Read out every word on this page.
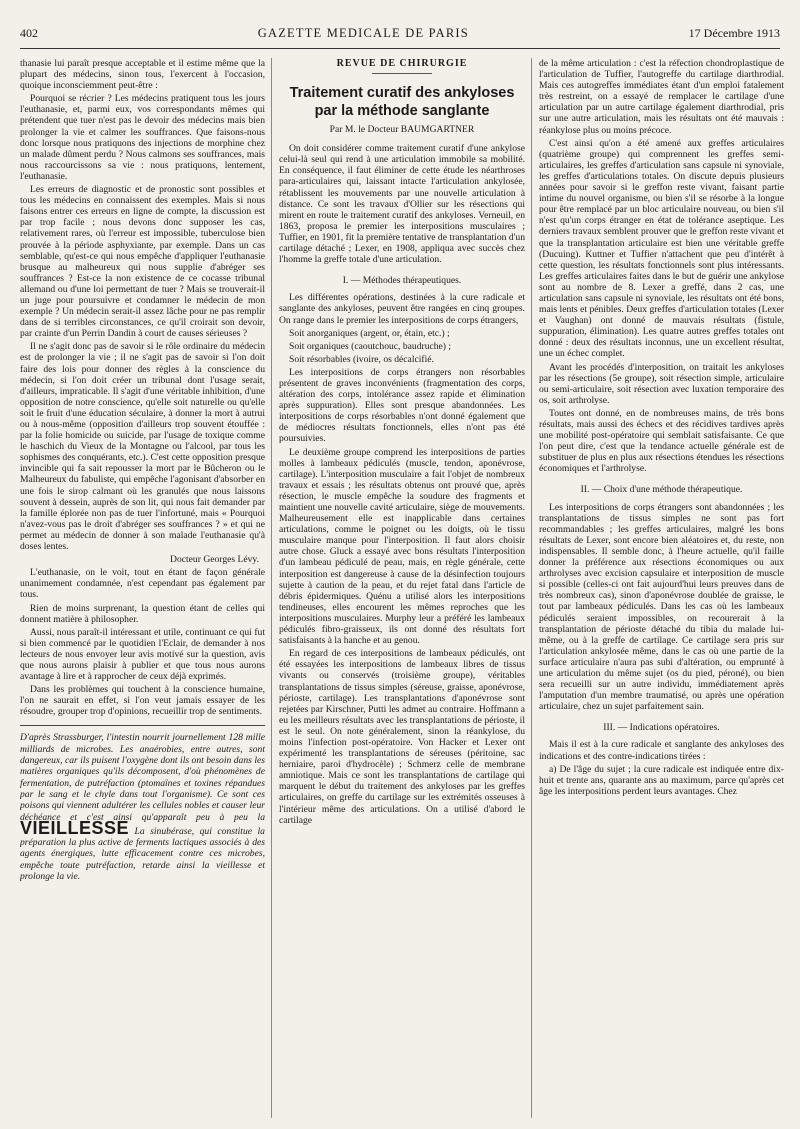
402	GAZETTE MEDICALE DE PARIS	17 Décembre 1913

thanasie lui paraît presque acceptable et il estime même que la plupart des médecins, sinon tous, l'exercent à l'occasion, quoique inconsciemment peut-être :

Pourquoi se récrier ? Les médecins pratiquent tous les jours l'euthanasie, et, parmi eux, vos correspondants mêmes qui prétendent que tuer n'est pas le devoir des médecins mais bien prolonger la vie et calmer les souffrances. Que faisons-nous donc lorsque nous pratiquons des injections de morphine chez un malade dûment perdu ? Nous calmons ses souffrances, mais nous raccourcissons sa vie : nous pratiquons, lentement, l'euthanasie.

Les erreurs de diagnostic et de pronostic sont possibles et tous les médecins en connaissent des exemples. Mais si nous faisons entrer ces erreurs en ligne de compte, la discussion est par trop facile ; nous devons donc supposer les cas, relativement rares, où l'erreur est impossible, tuberculose bien prouvée à la période asphyxiante, par exemple. Dans un cas semblable, qu'est-ce qui nous empêche d'appliquer l'euthanasie brusque au malheureux qui nous supplie d'abréger ses souffrances ? Est-ce la non existence de ce cocasse tribunal allemand ou d'une loi permettant de tuer ? Mais se trouverait-il un juge pour poursuivre et condamner le médecin de mon exemple ? Un médecin serait-il assez lâche pour ne pas remplir dans de si terribles circonstances, ce qu'il croirait son devoir, par crainte d'un Perrin Dandin à court de causes sérieuses ?

Il ne s'agit donc pas de savoir si le rôle ordinaire du médecin est de prolonger la vie ; il ne s'agit pas de savoir si l'on doit faire des lois pour donner des règles à la conscience du médecin, si l'on doit créer un tribunal dont l'usage serait, d'ailleurs, impraticable. Il s'agit d'une véritable inhibition, d'une opposition de notre conscience, qu'elle soit naturelle ou qu'elle soit le fruit d'une éducation séculaire, à donner la mort à autrui ou à nous-même (opposition d'ailleurs trop souvent étouffée : par la folie homicide ou suicide, par l'usage de toxique comme le haschich du Vieux de la Montagne ou l'alcool, par tous les sophismes des conquérants, etc.). C'est cette opposition presque invincible qui fa sait repousser la mort par le Bûcheron ou le Malheureux du fabuliste, qui empêche l'agonisant d'absorber en une fois le sirop calmant où les granulés que nous laissons souvent à dessein, auprès de son lit, qui nous fait demander par la famille éplorée non pas de tuer l'infortuné, mais « Pourquoi n'avez-vous pas le droit d'abréger ses souffrances ? » et qui ne permet au médecin de donner à son malade l'euthanasie qu'à doses lentes.

Docteur Georges Lévy.

L'euthanasie, on le voit, tout en étant de façon générale unanimement condamnée, n'est cependant pas également par tous.

Rien de moins surprenant, la question étant de celles qui donnent matière à philosopher.

Aussi, nous paraît-il intéressant et utile, continuant ce qui fut si bien commencé par le quotidien l'Eclair, de demander à nos lecteurs de nous envoyer leur avis motivé sur la question, avis que nous aurons plaisir à publier et que tous nous aurons avantage à lire et à rapprocher de ceux déjà exprimés.

Dans les problèmes qui touchent à la conscience humaine, l'on ne saurait en effet, si l'on veut jamais essayer de les résoudre, grouper trop d'opinions, recueillir trop de sentiments.

D'après Strassburger, l'intestin nourrit journellement 128 mille milliards de microbes. Les anaérobies, entre autres, sont dangereux, car ils puisent l'oxygène dont ils ont besoin dans les matières organiques qu'ils décomposent, d'où phénomènes de fermentation, de putréfaction (ptomaïnes et toxines répandues par le sang et le chyle dans tout l'organisme). Ce sont ces poisons qui viennent adultérer les cellules nobles et causer leur déchéance et c'est ainsi qu'apparaît peu à peu la VIEILLESSE La sinubérase, qui constitue la préparation la plus active de ferments lactiques associés à des agents énergiques, lutte efficacement contre ces microbes, empêche toute putréfaction, retarde ainsi la vieillesse et prolonge la vie.
REVUE DE CHIRURGIE
Traitement curatif des ankyloses par la méthode sanglante
Par M. le Docteur BAUMGARTNER

On doit considérer comme traitement curatif d'une ankylose celui-là seul qui rend à une articulation immobile sa mobilité. En conséquence, il faut éliminer de cette étude les néarthroses para-articulaires qui, laissant intacte l'articulation ankylosée, rétablissent les mouvements par une nouvelle articulation à distance. Ce sont les travaux d'Ollier sur les résections qui mirent en route le traitement curatif des ankyloses. Verneuil, en 1863, proposa le premier les interpositions musculaires ; Tuffier, en 1901, fit la première tentative de transplantation d'un cartilage détaché ; Lexer, en 1908, appliqua avec succès chez l'homme la greffe totale d'une articulation.

I. — Méthodes thérapeutiques.

Les différentes opérations, destinées à la cure radicale et sanglante des ankyloses, peuvent être rangées en cinq groupes. On range dans le premier les interpositions de corps étrangers,

Soit anorganiques (argent, or, étain, etc.) ;

Soit organiques (caoutchouc, baudruche) ;

Soit résorbables (ivoire, os décalcifié.

Les interpositions de corps étrangers non résorbables présentent de graves inconvénients (fragmentation des corps, altération des corps, intolérance assez rapide et élimination après suppuration). Elles sont presque abandonnées. Les interpositions de corps résorbables n'ont donné également que de médiocres résultats fonctionnels, elles n'ont pas été poursuivies.

Le deuxième groupe comprend les interpositions de parties molles à lambeaux pédiculés (muscle, tendon, aponévrose, cartilage). L'interposition musculaire a fait l'objet de nombreux travaux et essais ; les résultats obtenus ont prouvé que, après résection, le muscle empêche la soudure des fragments et maintient une nouvelle cavité articulaire, siège de mouvements. Malheureusement elle est inapplicable dans certaines articulations, comme le poignet ou les doigts, où le tissu musculaire manque pour l'interposition. Il faut alors choisir autre chose. Gluck a essayé avec bons résultats l'interposition d'un lambeau pédiculé de peau, mais, en règle générale, cette interposition est dangereuse à cause de la désinfection toujours sujette à caution de la peau, et du rejet fatal dans l'article de débris épidermiques. Quénu a utilisé alors les interpositions tendineuses, elles encourent les mêmes reproches que les interpositions musculaires. Murphy leur a préféré les lambeaux pédiculés fibro-graisseux, ils ont donné des résultats fort satisfaisants à la hanche et au genou.

En regard de ces interpositions de lambeaux pédiculés, ont été essayées les interpositions de lambeaux libres de tissus vivants ou conservés (troisième groupe), véritables transplantations de tissus simples (séreuse, graisse, aponévrose, périoste, cartilage). Les transplantations d'aponévrose sont rejetées par Kirschner, Putti les admet au contraire. Hoffmann a eu les meilleurs résultats avec les transplantations de périoste, il est le seul. On note généralement, sinon la réankylose, du moins l'infection post-opératoire. Von Hacker et Lexer ont expérimenté les transplantations de séreuses (péritoine, sac herniaire, paroi d'hydrocèle) ; Schmerz celle de membrane amniotique. Mais ce sont les transplantations de cartilage qui marquent le début du traitement des ankyloses par les greffes articulaires, on greffe du cartilage sur les extrémités osseuses à l'intérieur même des articulations. On a utilisé d'abord le cartilage

de la même articulation : c'est la réfection chondroplastique de l'articulation de Tuffier, l'autogreffe du cartilage diarthrodial. Mais ces autogreffes immédiates étant d'un emploi fatalement très restreint, on a essayé de remplacer le cartilage d'une articulation par un autre cartilage également diarthrodial, pris sur une autre articulation, mais les résultats ont été mauvais : réankylose plus ou moins précoce.

C'est ainsi qu'on a été amené aux greffes articulaires (quatrième groupe) qui comprennent les greffes semi-articulaires, les greffes d'articulation sans capsule ni synoviale, les greffes d'articulations totales. On discute depuis plusieurs années pour savoir si le greffon reste vivant, faisant partie intime du nouvel organisme, ou bien s'il se résorbe à la longue pour être remplacé par un bloc articulaire nouveau, ou bien s'il n'est qu'un corps étranger en état de tolérance aseptique. Les derniers travaux semblent prouver que le greffon reste vivant et que la transplantation articulaire est bien une véritable greffe (Ducuing). Kuttner et Tuffier n'attachent que peu d'intérêt à cette question, les résultats fonctionnels sont plus intéressants. Les greffes articulaires faites dans le but de guérir une ankylose sont au nombre de 8. Lexer a greffé, dans 2 cas, une articulation sans capsule ni synoviale, les résultats ont été bons, mais lents et pénibles. Deux greffes d'articulation totales (Lexer et Vaughan) ont donné de mauvais résultats (fistule, suppuration, élimination). Les quatre autres greffes totales ont donné : deux des résultats inconnus, une un excellent résultat, une un échec complet.

Avant les procédés d'interposition, on traitait les ankyloses par les résections (5e groupe), soit résection simple, articulaire ou semi-articulaire, soit résection avec luxation temporaire des os, soit arthrolyse.

Toutes ont donné, en de nombreuses mains, de très bons résultats, mais aussi des échecs et des récidives tardives après une mobilité post-opératoire qui semblait satisfaisante. Ce que l'on peut dire, c'est que la tendance actuelle générale est de substituer de plus en plus aux résections étendues les résections économiques et l'arthrolyse.

II. — Choix d'une méthode thérapeutique.

Les interpositions de corps étrangers sont abandonnées ; les transplantations de tissus simples ne sont pas fort recommandables ; les greffes articulaires, malgré les bons résultats de Lexer, sont encore bien aléatoires et, du reste, non indispensables. Il semble donc, à l'heure actuelle, qu'il faille donner la préférence aux résections économiques ou aux arthrolyses avec excision capsulaire et interposition de muscle si possible (celles-ci ont fait aujourd'hui leurs preuves dans de très nombreux cas), sinon d'aponévrose doublée de graisse, le tout par lambeaux pédiculés. Dans les cas où les lambeaux pédiculés seraient impossibles, on recourerait à la transplantation de périoste détaché du tibia du malade lui-même, ou à la greffe de cartilage. Ce cartilage sera pris sur l'articulation ankylosée même, dans le cas où une partie de la surface articulaire n'aura pas subi d'altération, ou emprunté à une articulation du même sujet (os du pied, péroné), ou bien sera recueilli sur un autre individu, immédiatement après l'amputation d'un membre traumatisé, ou après une opération articulaire, chez un sujet parfaitement sain.

III. — Indications opératoires.

Mais il est à la cure radicale et sanglante des ankyloses des indications et des contre-indications tirées :

a) De l'âge du sujet ; la cure radicale est indiquée entre dix-huit et trente ans, quarante ans au maximum, parce qu'après cet âge les interpositions perdent leurs avantages. Chez
